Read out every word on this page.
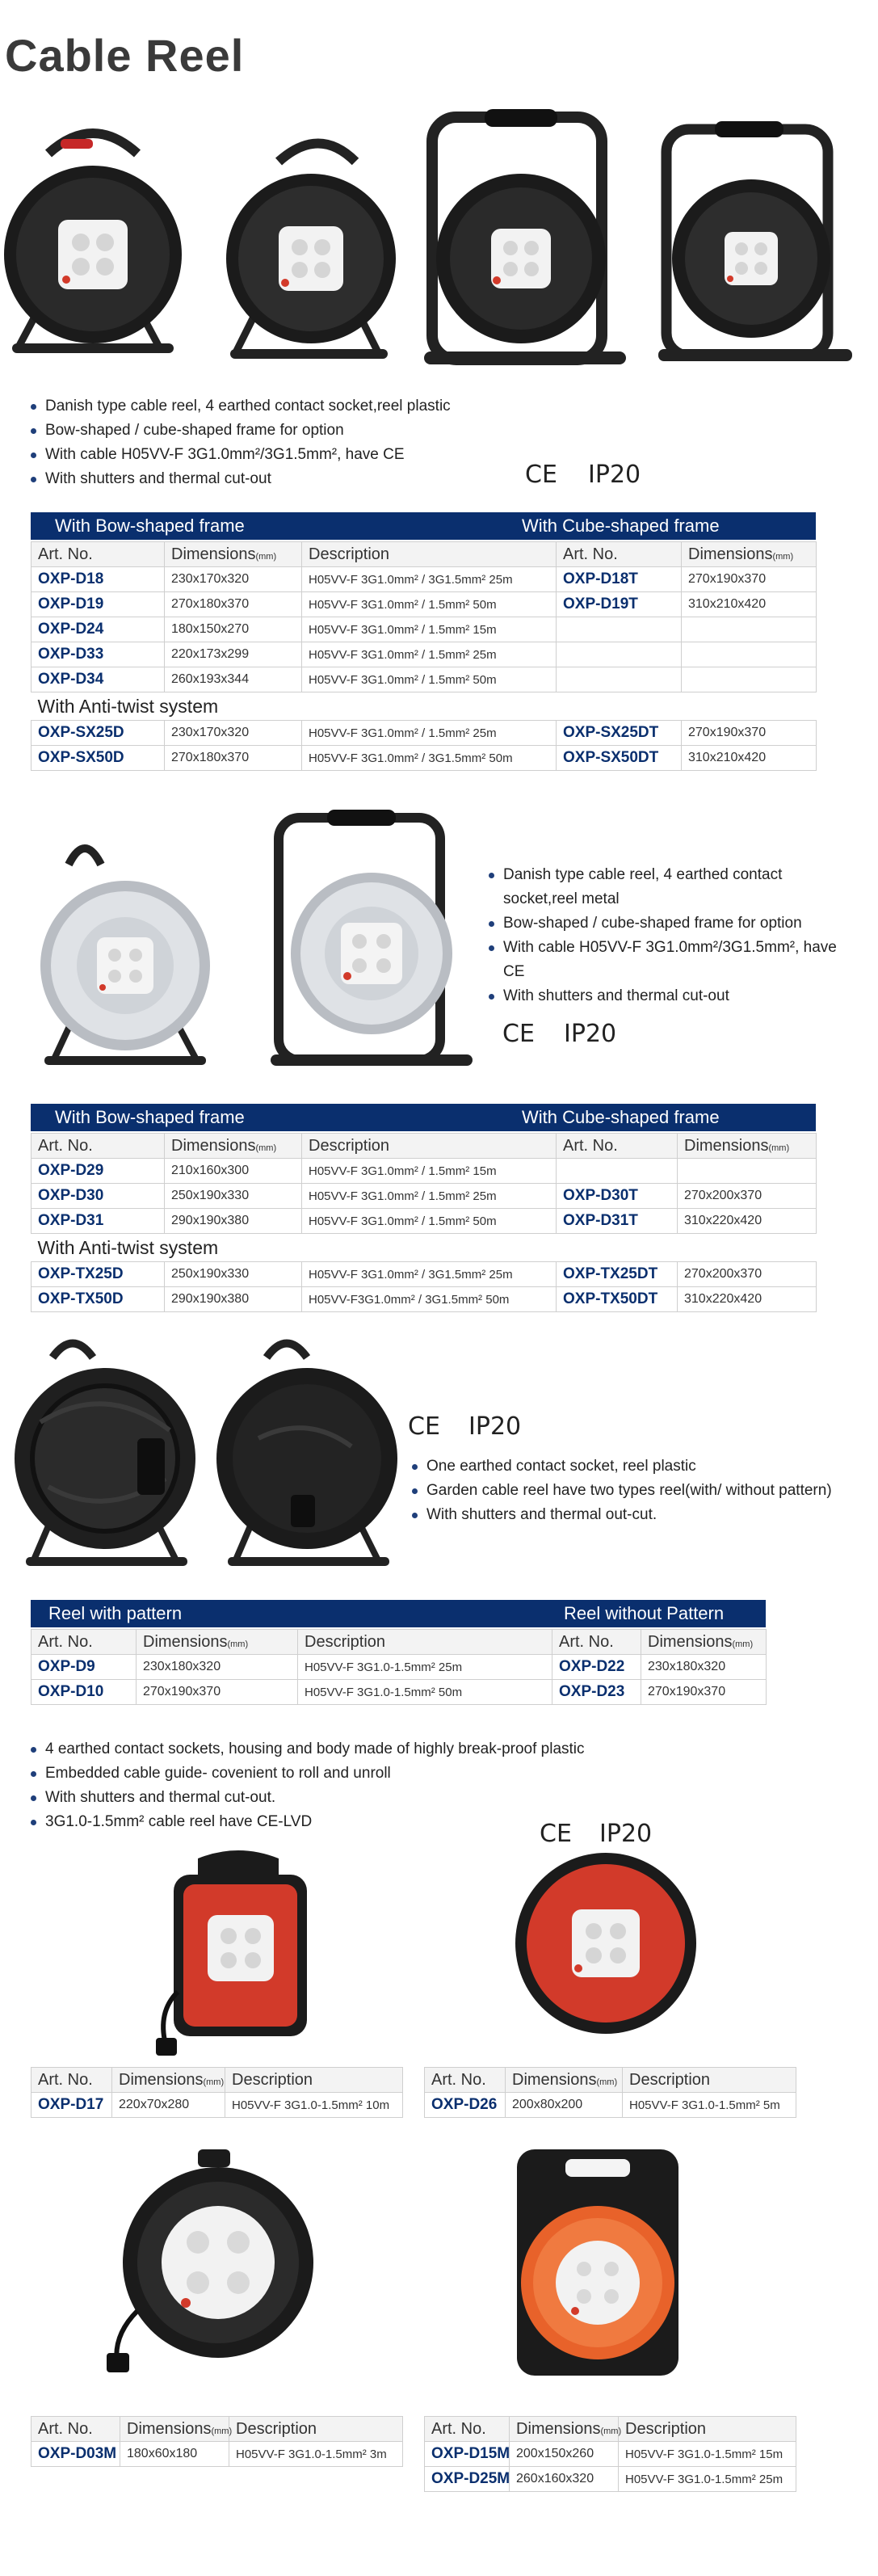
Cable Reel
Danish type cable reel, 4 earthed contact socket,reel plastic
Bow-shaped / cube-shaped frame for option
With cable H05VV-F 3G1.0mm²/3G1.5mm², have CE
With shutters and thermal cut-out	CE IP20
With Bow-shaped frame	With Cube-shaped frame
Art. No.	Dimensions(mm)	Description	Art. No.	Dimensions(mm)
OXP-D18	230x170x320	H05VV-F 3G1.0mm² / 3G1.5mm² 25m	OXP-D18T	270x190x370
OXP-D19	270x180x370	H05VV-F 3G1.0mm² / 1.5mm² 50m	OXP-D19T	310x210x420
OXP-D24	180x150x270	H05VV-F 3G1.0mm² / 1.5mm² 15m		
OXP-D33	220x173x299	H05VV-F 3G1.0mm² / 1.5mm² 25m		
OXP-D34	260x193x344	H05VV-F 3G1.0mm² / 1.5mm² 50m		
With Anti-twist system				
OXP-SX25D	230x170x320	H05VV-F 3G1.0mm² / 1.5mm² 25m	OXP-SX25DT	270x190x370
OXP-SX50D	270x180x370	H05VV-F 3G1.0mm² / 3G1.5mm² 50m	OXP-SX50DT	310x210x420
Danish type cable reel, 4 earthed contact socket,reel metal
Bow-shaped / cube-shaped frame for option
With cable H05VV-F 3G1.0mm²/3G1.5mm², have CE
With shutters and thermal cut-out
CE IP20
With Bow-shaped frame	With Cube-shaped frame
Art. No.	Dimensions(mm)	Description	Art. No.	Dimensions(mm)
OXP-D29	210x160x300	H05VV-F 3G1.0mm² / 1.5mm² 15m		
OXP-D30	250x190x330	H05VV-F 3G1.0mm² / 1.5mm² 25m	OXP-D30T	270x200x370
OXP-D31	290x190x380	H05VV-F 3G1.0mm² / 1.5mm² 50m	OXP-D31T	310x220x420
With Anti-twist system				
OXP-TX25D	250x190x330	H05VV-F 3G1.0mm² / 3G1.5mm² 25m	OXP-TX25DT	270x200x370
OXP-TX50D	290x190x380	H05VV-F3G1.0mm² / 3G1.5mm² 50m	OXP-TX50DT	310x220x420
CE IP20
One earthed contact socket, reel plastic
Garden cable reel have two types reel(with/ without pattern)
With shutters and thermal out-cut.
Reel with pattern	Reel without Pattern
Art. No.	Dimensions(mm)	Description	Art. No.	Dimensions(mm)
OXP-D9	230x180x320	H05VV-F 3G1.0-1.5mm² 25m	OXP-D22	230x180x320
OXP-D10	270x190x370	H05VV-F 3G1.0-1.5mm² 50m	OXP-D23	270x190x370
4 earthed contact sockets, housing and body made of highly break-proof plastic
Embedded cable guide- covenient to roll and unroll
With shutters and thermal cut-out.
3G1.0-1.5mm² cable reel have CE-LVD	CE IP20
Art. No.	Dimensions(mm)	Description
OXP-D17	220x70x280	H05VV-F 3G1.0-1.5mm² 10m
Art. No.	Dimensions(mm)	Description
OXP-D26	200x80x200	H05VV-F 3G1.0-1.5mm² 5m
Art. No.	Dimensions(mm)	Description
OXP-D03M	180x60x180	H05VV-F 3G1.0-1.5mm² 3m
Art. No.	Dimensions(mm)	Description
OXP-D15M	200x150x260	H05VV-F 3G1.0-1.5mm² 15m
OXP-D25M	260x160x320	H05VV-F 3G1.0-1.5mm² 25m
